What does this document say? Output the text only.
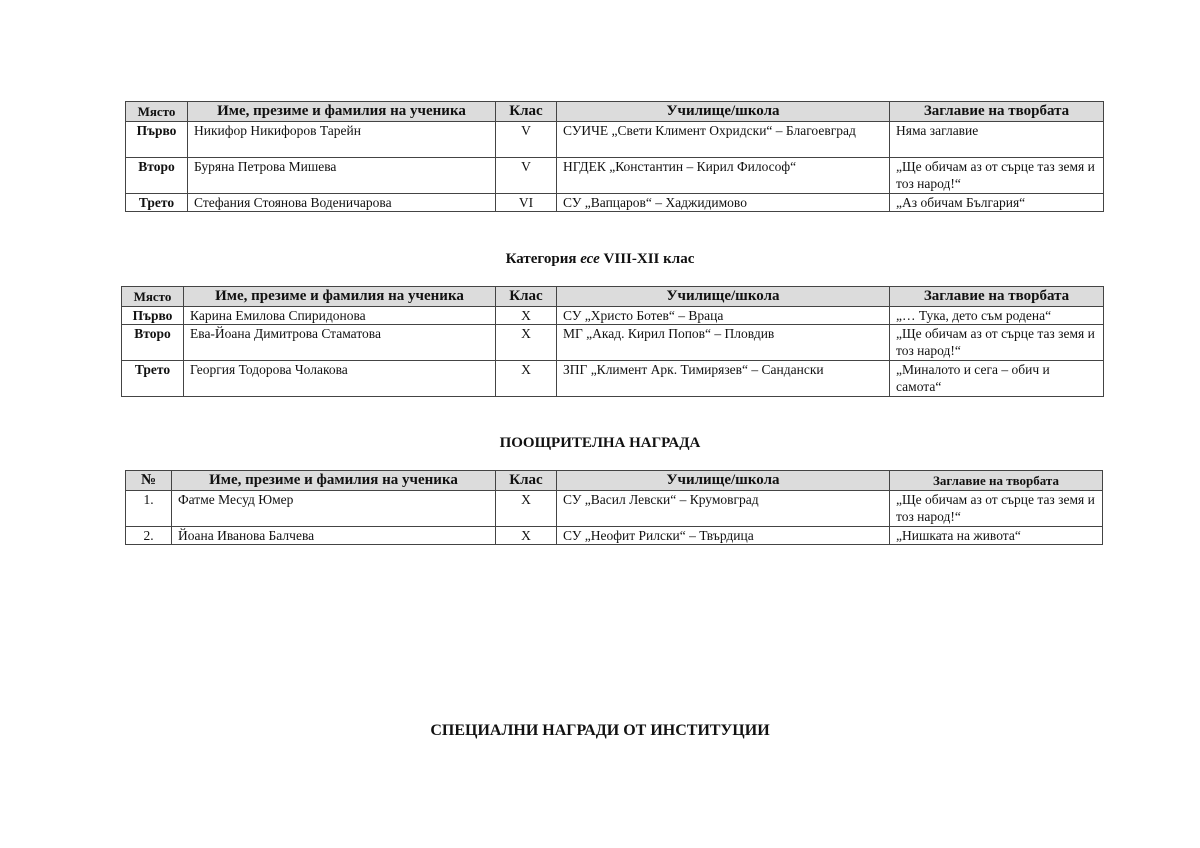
Място	Име, презиме и фамилия на ученика	Клас	Училище/школа	Заглавие на творбата
Първо	Никифор Никифоров Тарейн	V	СУИЧЕ „Свети Климент Охридски“ – Благоевград	Няма заглавие
Второ	Буряна Петрова Мишева	V	НГДЕК „Константин – Кирил Философ“	„Ще обичам аз от сърце таз земя и тоз народ!“
Трето	Стефания Стоянова Воденичарова	VI	СУ „Вапцаров“ – Хаджидимово	„Аз обичам България“
Категория есе VIII-XII клас
Място	Име, презиме и фамилия на ученика	Клас	Училище/школа	Заглавие на творбата
Първо	Карина Емилова Спиридонова	X	СУ „Христо Ботев“ – Враца	„… Тука, дето съм родена“
Второ	Ева-Йоана Димитрова Стаматова	X	МГ „Акад. Кирил Попов“ – Пловдив	„Ще обичам аз от сърце таз земя и тоз народ!“
Трето	Георгия Тодорова Чолакова	X	ЗПГ „Климент Арк. Тимирязев“ – Сандански	„Миналото и сега – обич и самота“
ПООЩРИТЕЛНА НАГРАДА
№	Име, презиме и фамилия на ученика	Клас	Училище/школа	Заглавие на творбата
1.	Фатме Месуд Юмер	X	СУ „Васил Левски“ – Крумовград	„Ще обичам аз от сърце таз земя и тоз народ!“
2.	Йоана Иванова Балчева	X	СУ „Неофит Рилски“ – Твърдица	„Нишката на живота“
СПЕЦИАЛНИ НАГРАДИ ОТ ИНСТИТУЦИИ
